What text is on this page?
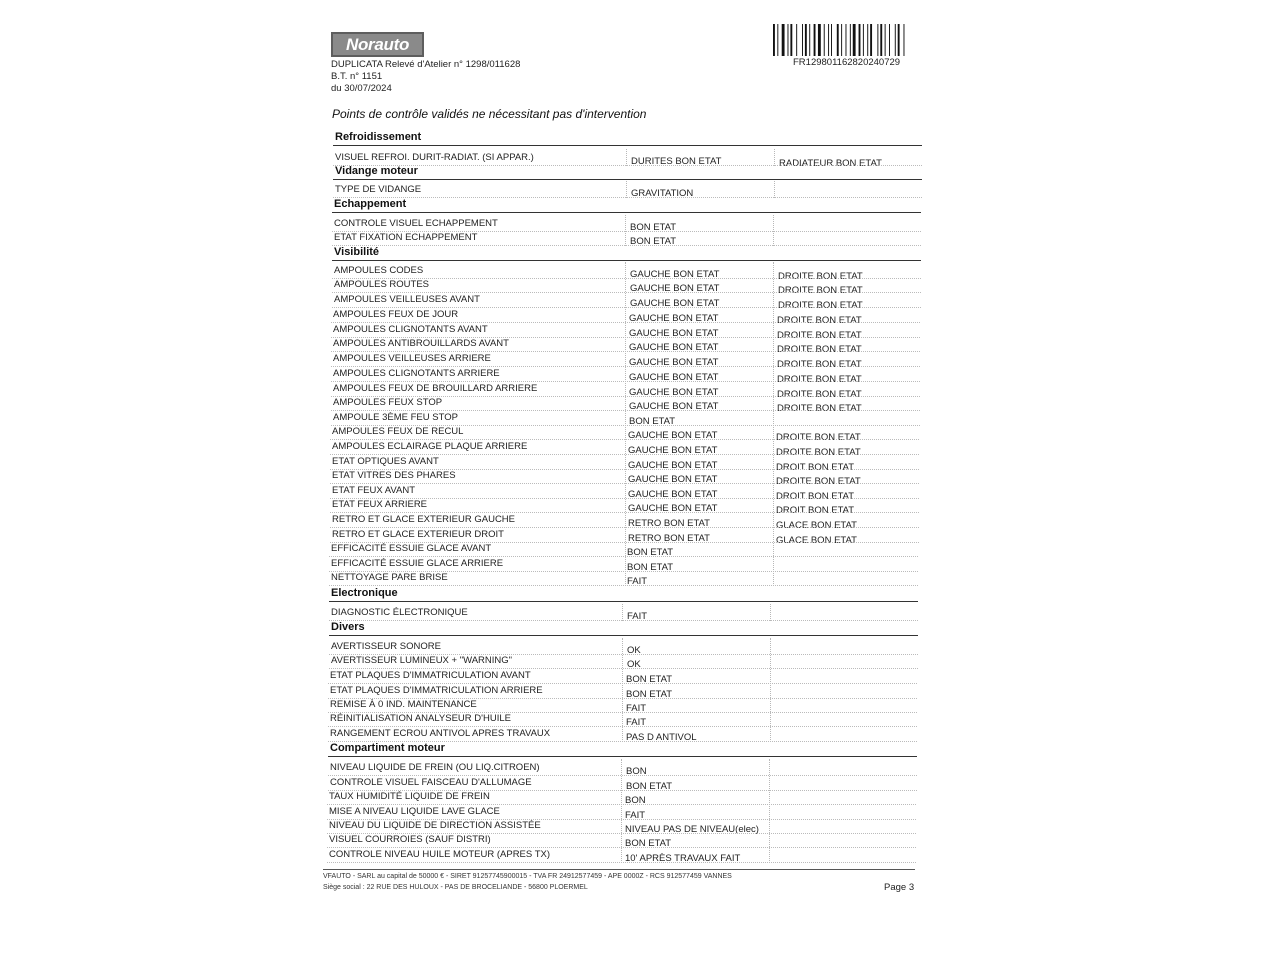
Norauto
DUPLICATA Relevé d'Atelier n° 1298/011628
B.T. n° 1151
du 30/07/2024
FR1298011628202407​29
Points de contrôle validés ne nécessitant pas d'intervention
Refroidissement
VISUEL REFROI. DURIT-RADIAT. (SI APPAR.)	DURITES BON ETAT	RADIATEUR BON ETAT
Vidange moteur
TYPE DE VIDANGE	GRAVITATION
Echappement
CONTROLE VISUEL ECHAPPEMENT	BON ETAT
ETAT FIXATION ECHAPPEMENT	BON ETAT
Visibilité
AMPOULES CODES	GAUCHE BON ETAT	DROITE BON ETAT
AMPOULES ROUTES	GAUCHE BON ETAT	DROITE BON ETAT
AMPOULES VEILLEUSES AVANT	GAUCHE BON ETAT	DROITE BON ETAT
AMPOULES FEUX DE JOUR	GAUCHE BON ETAT	DROITE BON ETAT
AMPOULES CLIGNOTANTS AVANT	GAUCHE BON ETAT	DROITE BON ETAT
AMPOULES ANTIBROUILLARDS AVANT	GAUCHE BON ETAT	DROITE BON ETAT
AMPOULES VEILLEUSES ARRIERE	GAUCHE BON ETAT	DROITE BON ETAT
AMPOULES CLIGNOTANTS ARRIERE	GAUCHE BON ETAT	DROITE BON ETAT
AMPOULES FEUX DE BROUILLARD ARRIERE	GAUCHE BON ETAT	DROITE BON ETAT
AMPOULES FEUX STOP	GAUCHE BON ETAT	DROITE BON ETAT
AMPOULE 3ÈME FEU STOP	BON ETAT
AMPOULES FEUX DE RECUL	GAUCHE BON ETAT	DROITE BON ETAT
AMPOULES ECLAIRAGE PLAQUE ARRIERE	GAUCHE BON ETAT	DROITE BON ETAT
ETAT OPTIQUES AVANT	GAUCHE BON ETAT	DROIT BON ETAT
ETAT VITRES DES PHARES	GAUCHE BON ETAT	DROITE BON ETAT
ETAT FEUX AVANT	GAUCHE BON ETAT	DROIT BON ETAT
ETAT FEUX ARRIERE	GAUCHE BON ETAT	DROIT BON ETAT
RETRO ET GLACE EXTERIEUR GAUCHE	RETRO BON ETAT	GLACE BON ETAT
RETRO ET GLACE EXTERIEUR DROIT	RETRO BON ETAT	GLACE BON ETAT
EFFICACITÉ ESSUIE GLACE AVANT	BON ETAT
EFFICACITÉ ESSUIE GLACE ARRIERE	BON ETAT
NETTOYAGE PARE BRISE	FAIT
Electronique
DIAGNOSTIC ÉLECTRONIQUE	FAIT
Divers
AVERTISSEUR SONORE	OK
AVERTISSEUR LUMINEUX + "WARNING"	OK
ETAT PLAQUES D'IMMATRICULATION AVANT	BON ETAT
ETAT PLAQUES D'IMMATRICULATION ARRIERE	BON ETAT
REMISE À 0 IND. MAINTENANCE	FAIT
RÉINITIALISATION ANALYSEUR D'HUILE	FAIT
RANGEMENT ECROU ANTIVOL APRES TRAVAUX	PAS D ANTIVOL
Compartiment moteur
NIVEAU LIQUIDE DE FREIN (OU LIQ.CITROEN)	BON
CONTROLE VISUEL FAISCEAU D'ALLUMAGE	BON ETAT
TAUX HUMIDITÉ LIQUIDE DE FREIN	BON
MISE A NIVEAU LIQUIDE LAVE GLACE	FAIT
NIVEAU DU LIQUIDE DE DIRECTION ASSISTÉE	NIVEAU PAS DE NIVEAU(elec)
VISUEL COURROIES (SAUF DISTRI)	BON ETAT
CONTROLE NIVEAU HUILE MOTEUR (APRES TX)	10' APRÈS TRAVAUX FAIT
VFAUTO - SARL au capital de 50000 € - SIRET 91257745900015 - TVA FR 24912577459 - APE 0000Z - RCS 912577459 VANNES
Siège social : 22 RUE DES HULOUX - PAS DE BROCELIANDE - 56800 PLOERMEL	Page 3
